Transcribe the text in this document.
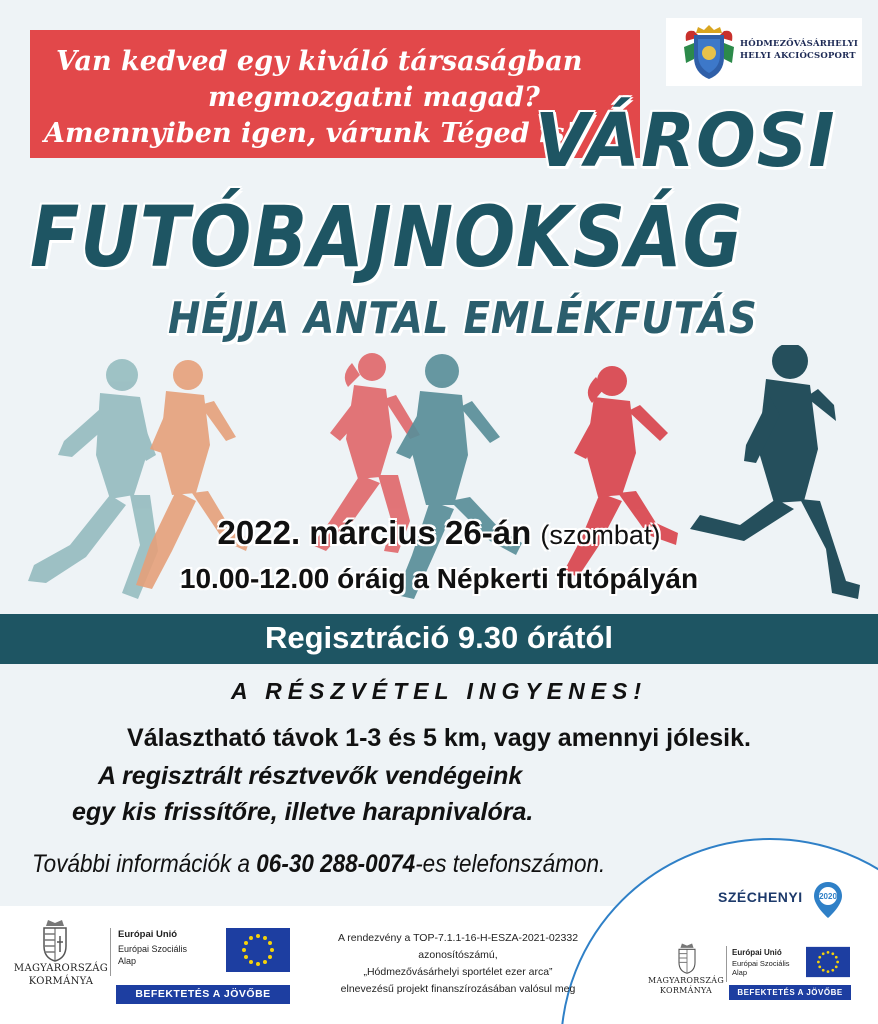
Van kedved egy kiváló társaságban
megmozgatni magad?
Amennyiben igen, várunk Téged is!
HÓDMEZŐVÁSÁRHELYI
HELYI AKCIÓCSOPORT
VÁROSI
FUTÓBAJNOKSÁG
HÉJJA ANTAL EMLÉKFUTÁS
2022. március 26-án (szombat)
10.00-12.00 óráig a Népkerti futópályán
Regisztráció 9.30 órától
A RÉSZVÉTEL INGYENES!
Választható távok 1-3 és 5 km, vagy amennyi jólesik.
A regisztrált résztvevők vendégeink
egy kis frissítőre, illetve harapnivalóra.
További információk a 06-30 288-0074-es telefonszámon.
SZÉCHENYI 2020
MAGYARORSZÁG
KORMÁNYA
Európai Unió
Európai Szociális
Alap
BEFEKTETÉS A JÖVŐBE
A rendezvény a TOP-7.1.1-16-H-ESZA-2021-02332
azonosítószámú,
„Hódmezővásárhelyi sportélet ezer arca”
elnevezésű projekt finanszírozásában valósul meg
MAGYARORSZÁG
KORMÁNYA
Európai Unió
Európai Szociális
Alap
BEFEKTETÉS A JÖVŐBE
